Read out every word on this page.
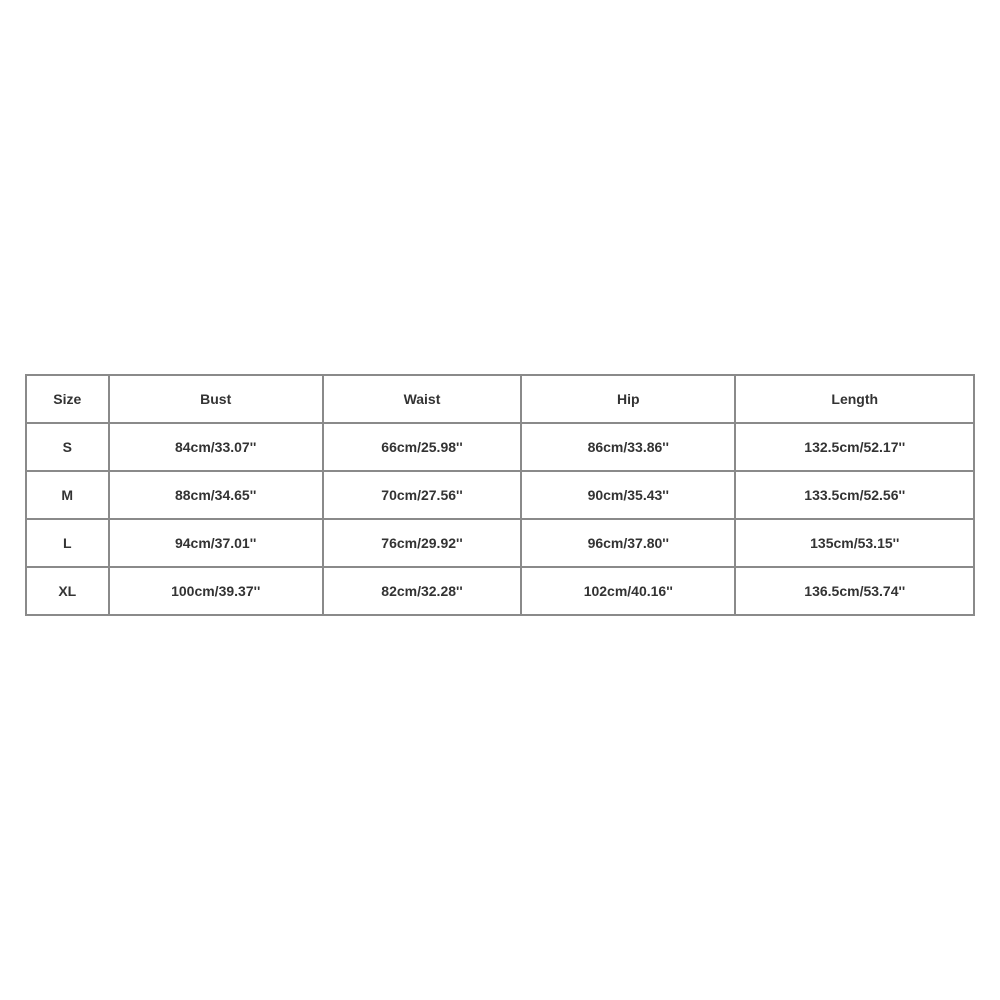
Size	Bust	Waist	Hip	Length
S	84cm/33.07''	66cm/25.98''	86cm/33.86''	132.5cm/52.17''
M	88cm/34.65''	70cm/27.56''	90cm/35.43''	133.5cm/52.56''
L	94cm/37.01''	76cm/29.92''	96cm/37.80''	135cm/53.15''
XL	100cm/39.37''	82cm/32.28''	102cm/40.16''	136.5cm/53.74''
